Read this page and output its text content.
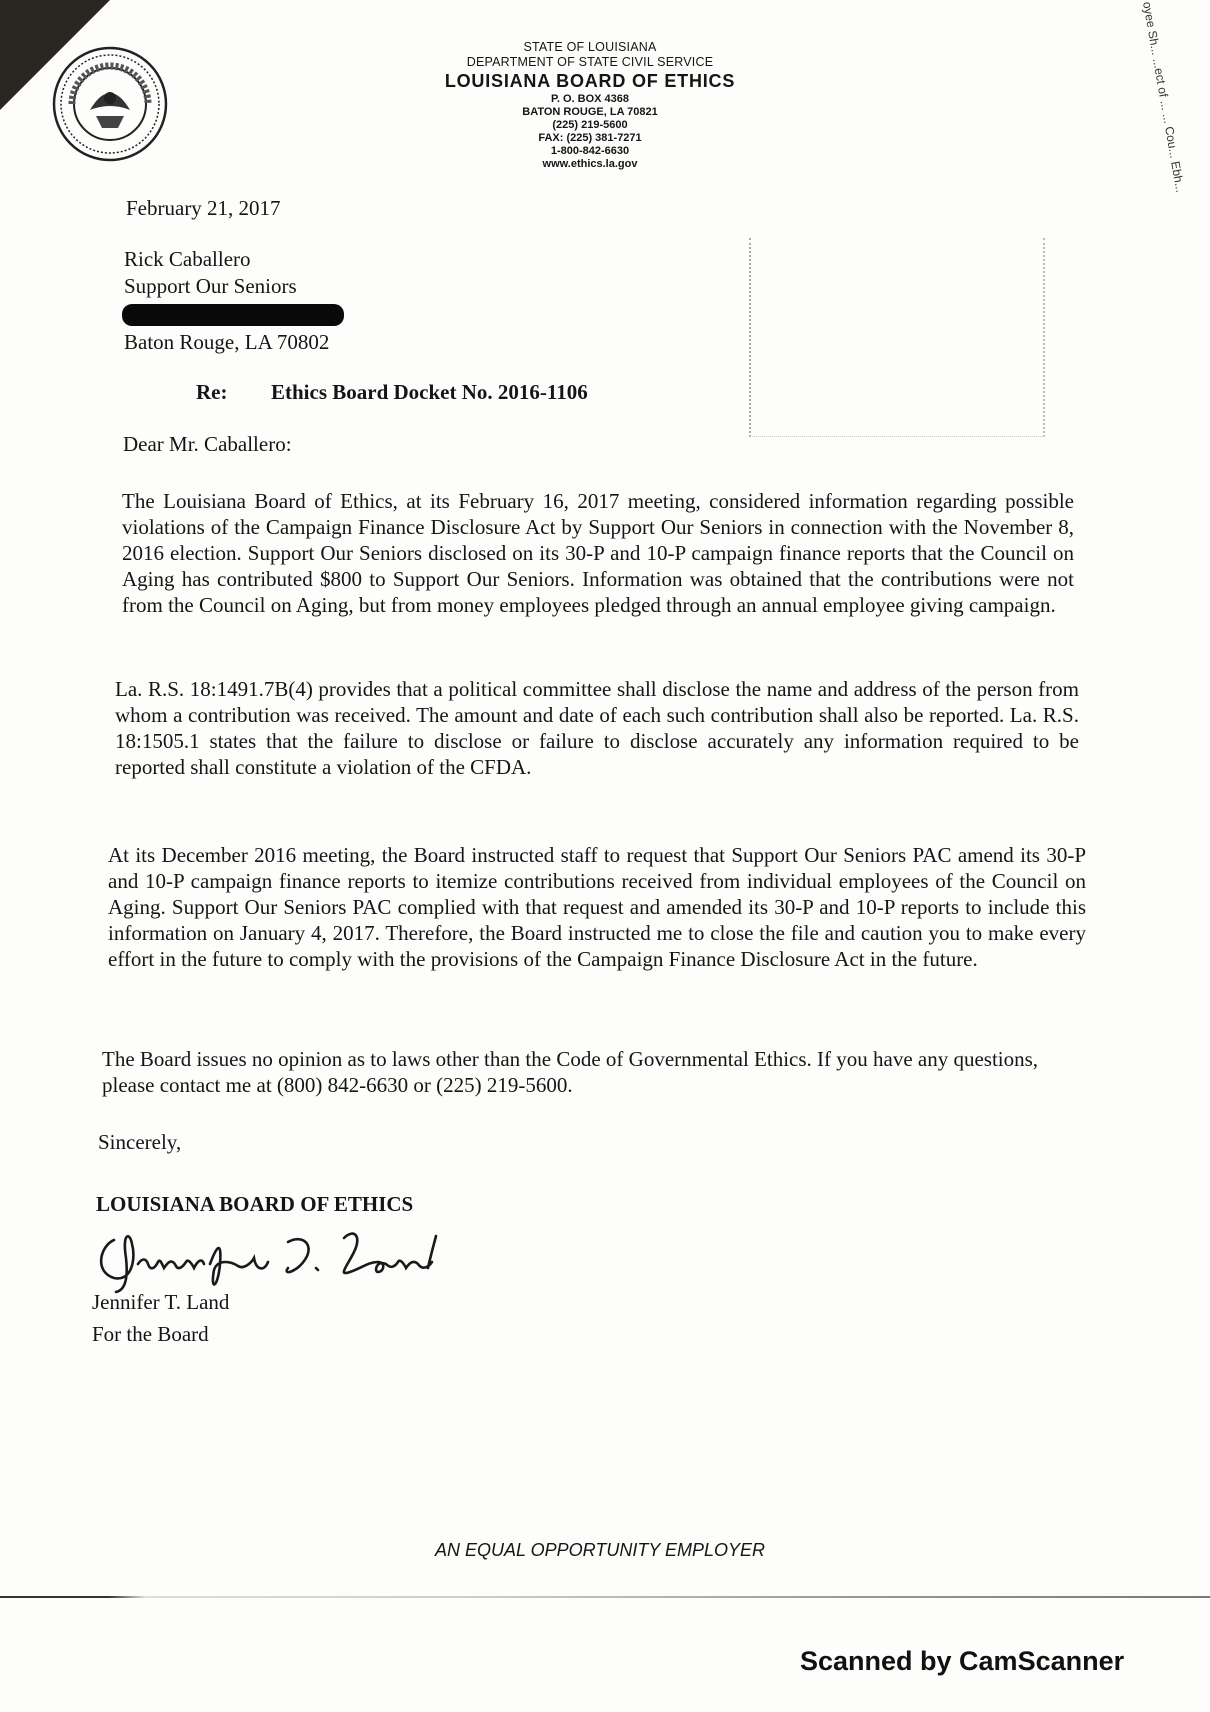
oyee Sh... ...ect of ... ... Cou... Ebh...
STATE OF LOUISIANA
DEPARTMENT OF STATE CIVIL SERVICE
LOUISIANA BOARD OF ETHICS
P. O. BOX 4368
BATON ROUGE, LA 70821
(225) 219-5600
FAX: (225) 381-7271
1-800-842-6630
www.ethics.la.gov
February 21, 2017
Rick Caballero
Support Our Seniors
Baton Rouge, LA 70802
Re: Ethics Board Docket No. 2016-1106
Dear Mr. Caballero:

The Louisiana Board of Ethics, at its February 16, 2017 meeting, considered information regarding possible violations of the Campaign Finance Disclosure Act by Support Our Seniors in connection with the November 8, 2016 election. Support Our Seniors disclosed on its 30-P and 10-P campaign finance reports that the Council on Aging has contributed $800 to Support Our Seniors. Information was obtained that the contributions were not from the Council on Aging, but from money employees pledged through an annual employee giving campaign.

La. R.S. 18:1491.7B(4) provides that a political committee shall disclose the name and address of the person from whom a contribution was received. The amount and date of each such contribution shall also be reported. La. R.S. 18:1505.1 states that the failure to disclose or failure to disclose accurately any information required to be reported shall constitute a violation of the CFDA.

At its December 2016 meeting, the Board instructed staff to request that Support Our Seniors PAC amend its 30-P and 10-P campaign finance reports to itemize contributions received from individual employees of the Council on Aging. Support Our Seniors PAC complied with that request and amended its 30-P and 10-P reports to include this information on January 4, 2017. Therefore, the Board instructed me to close the file and caution you to make every effort in the future to comply with the provisions of the Campaign Finance Disclosure Act in the future.

The Board issues no opinion as to laws other than the Code of Governmental Ethics. If you have any questions, please contact me at (800) 842-6630 or (225) 219-5600.

Sincerely,
LOUISIANA BOARD OF ETHICS
Jennifer T. Land
For the Board
AN EQUAL OPPORTUNITY EMPLOYER
Scanned by CamScanner
